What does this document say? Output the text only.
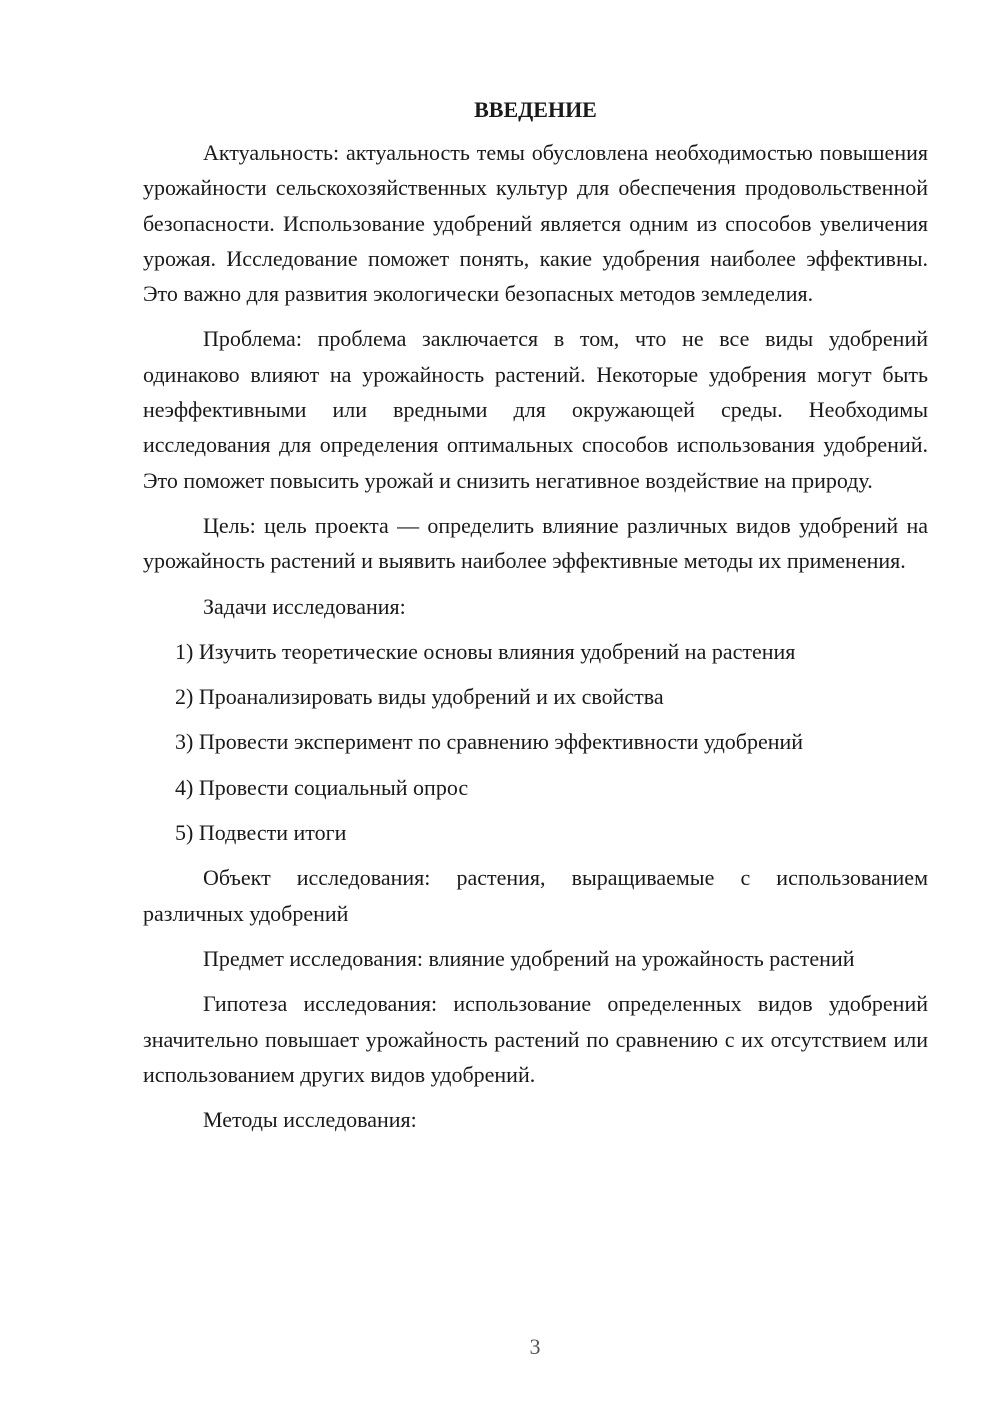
ВВЕДЕНИЕ

Актуальность: актуальность темы обусловлена необходимостью повышения урожайности сельскохозяйственных культур для обеспечения продовольственной безопасности. Использование удобрений является одним из способов увеличения урожая. Исследование поможет понять, какие удобрения наиболее эффективны. Это важно для развития экологически безопасных методов земледелия.

Проблема: проблема заключается в том, что не все виды удобрений одинаково влияют на урожайность растений. Некоторые удобрения могут быть неэффективными или вредными для окружающей среды. Необходимы исследования для определения оптимальных способов использования удобрений. Это поможет повысить урожай и снизить негативное воздействие на природу.

Цель: цель проекта — определить влияние различных видов удобрений на урожайность растений и выявить наиболее эффективные методы их применения.

Задачи исследования:

1) Изучить теоретические основы влияния удобрений на растения
2) Проанализировать виды удобрений и их свойства
3) Провести эксперимент по сравнению эффективности удобрений
4) Провести социальный опрос
5) Подвести итоги

Объект исследования: растения, выращиваемые с использованием различных удобрений

Предмет исследования: влияние удобрений на урожайность растений

Гипотеза исследования: использование определенных видов удобрений значительно повышает урожайность растений по сравнению с их отсутствием или использованием других видов удобрений.

Методы исследования:

3
